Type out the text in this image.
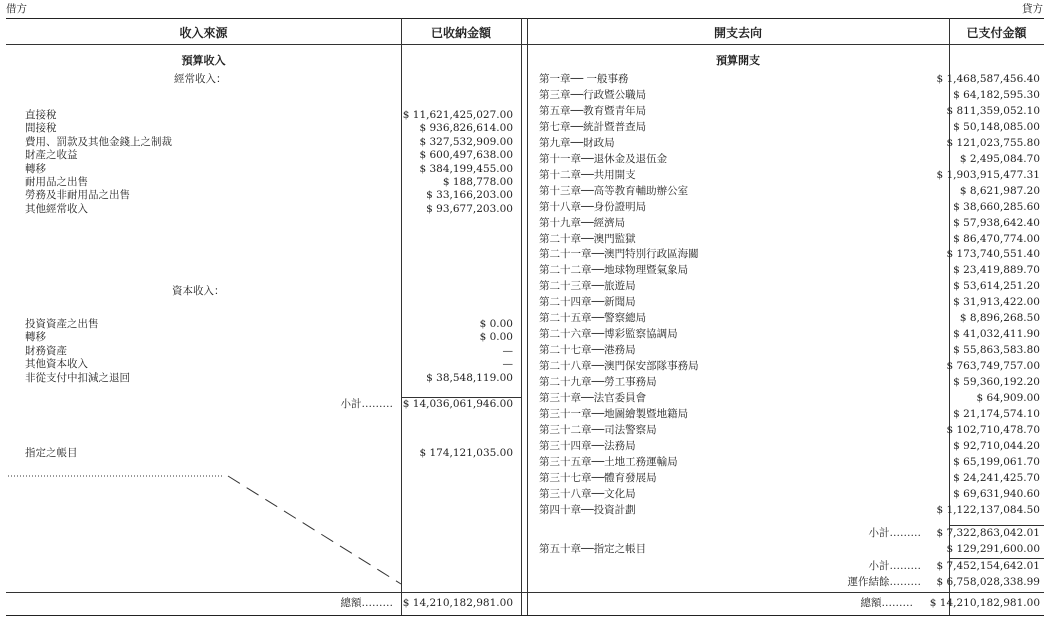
借方	貸方
收入來源	已收納金額	開支去向	已支付金額
預算收入
經常收入：
直接稅	$ 11,621,425,027.00
間接稅	$ 936,826,614.00
費用、罰款及其他金錢上之制裁	$ 327,532,909.00
財產之收益	$ 600,497,638.00
轉移	$ 384,199,455.00
耐用品之出售	$ 188,778.00
勞務及非耐用品之出售	$ 33,166,203.00
其他經常收入	$ 93,677,203.00
資本收入：
投資資產之出售	$ 0.00
轉移	$ 0.00
財務資產	—
其他資本收入	—
非從支付中扣減之退回	$ 38,548,119.00
小計……… $ 14,036,061,946.00
指定之帳目	$ 174,121,035.00
總額……… $ 14,210,182,981.00
預算開支
第一章── 一般事務	$ 1,468,587,456.40
第三章──行政暨公職局	$ 64,182,595.30
第五章──教育暨青年局	$ 811,359,052.10
第七章──統計暨普查局	$ 50,148,085.00
第九章──財政局	$ 121,023,755.80
第十一章──退休金及退伍金	$ 2,495,084.70
第十二章──共用開支	$ 1,903,915,477.31
第十三章──高等教育輔助辦公室	$ 8,621,987.20
第十八章──身份證明局	$ 38,660,285.60
第十九章──經濟局	$ 57,938,642.40
第二十章──澳門監獄	$ 86,470,774.00
第二十一章──澳門特別行政區海關	$ 173,740,551.40
第二十二章──地球物理暨氣象局	$ 23,419,889.70
第二十三章──旅遊局	$ 53,614,251.20
第二十四章──新聞局	$ 31,913,422.00
第二十五章──警察總局	$ 8,896,268.50
第二十六章──博彩監察協調局	$ 41,032,411.90
第二十七章──港務局	$ 55,863,583.80
第二十八章──澳門保安部隊事務局	$ 763,749,757.00
第二十九章──勞工事務局	$ 59,360,192.20
第三十章──法官委員會	$ 64,909.00
第三十一章──地圖繪製暨地籍局	$ 21,174,574.10
第三十二章──司法警察局	$ 102,710,478.70
第三十四章──法務局	$ 92,710,044.20
第三十五章──土地工務運輸局	$ 65,199,061.70
第三十七章──體育發展局	$ 24,241,425.70
第三十八章──文化局	$ 69,631,940.60
第四十章──投資計劃	$ 1,122,137,084.50
小計……… $ 7,322,863,042.01
第五十章──指定之帳目	$ 129,291,600.00
小計……… $ 7,452,154,642.01
運作結餘……… $ 6,758,028,338.99
總額……… $ 14,210,182,981.00
